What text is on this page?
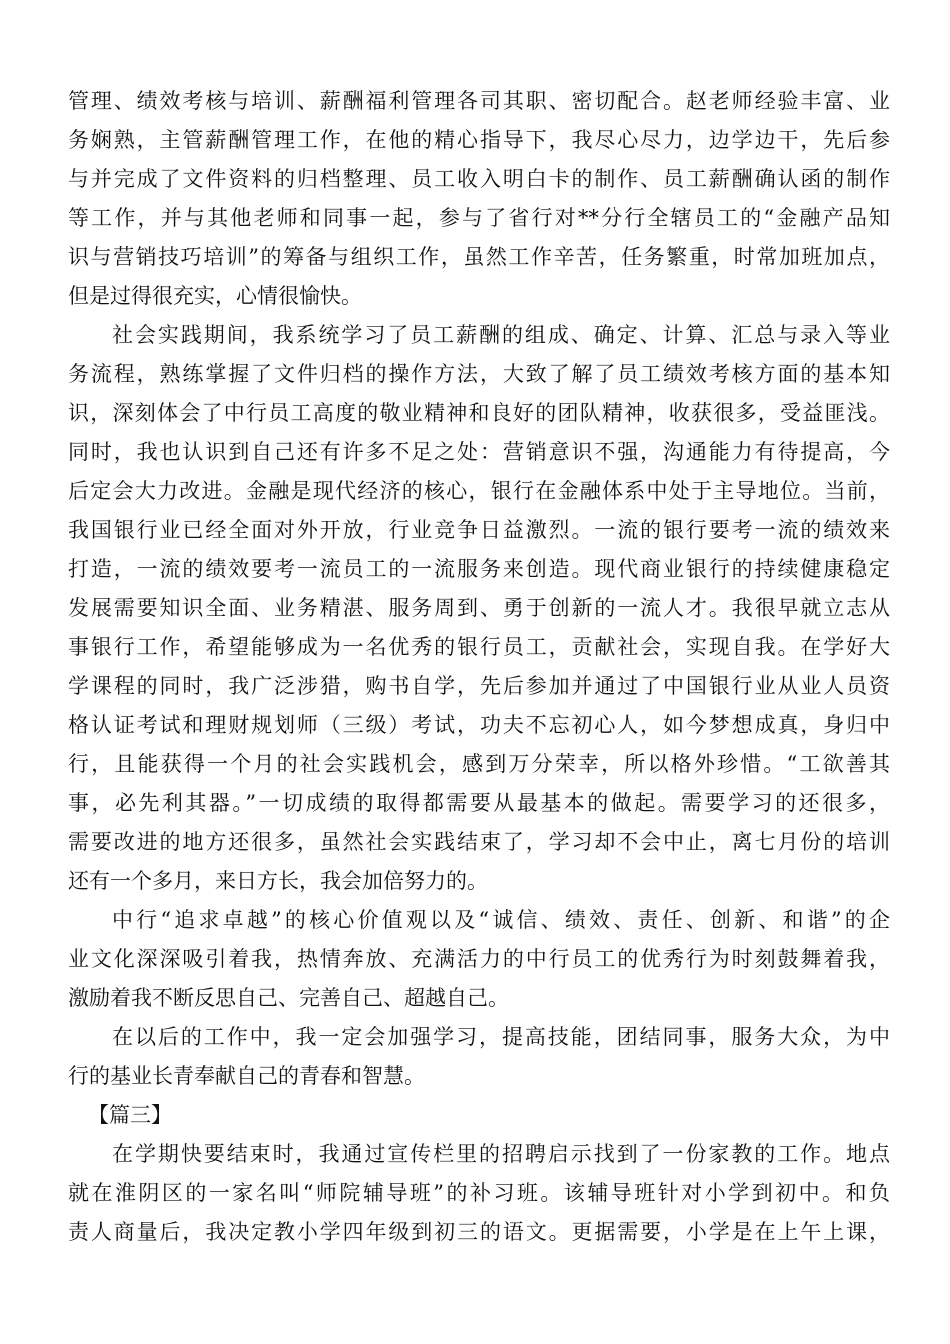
管理、绩效考核与培训、薪酬福利管理各司其职、密切配合。赵老师经验丰富、业
务娴熟，主管薪酬管理工作，在他的精心指导下，我尽心尽力，边学边干，先后参
与并完成了文件资料的归档整理、员工收入明白卡的制作、员工薪酬确认函的制作
等工作，并与其他老师和同事一起，参与了省行对**分行全辖员工的“金融产品知
识与营销技巧培训”的筹备与组织工作，虽然工作辛苦，任务繁重，时常加班加点，
但是过得很充实，心情很愉快。
社会实践期间，我系统学习了员工薪酬的组成、确定、计算、汇总与录入等业
务流程，熟练掌握了文件归档的操作方法，大致了解了员工绩效考核方面的基本知
识，深刻体会了中行员工高度的敬业精神和良好的团队精神，收获很多，受益匪浅。
同时，我也认识到自己还有许多不足之处：营销意识不强，沟通能力有待提高，今
后定会大力改进。金融是现代经济的核心，银行在金融体系中处于主导地位。当前，
我国银行业已经全面对外开放，行业竞争日益激烈。一流的银行要考一流的绩效来
打造，一流的绩效要考一流员工的一流服务来创造。现代商业银行的持续健康稳定
发展需要知识全面、业务精湛、服务周到、勇于创新的一流人才。我很早就立志从
事银行工作，希望能够成为一名优秀的银行员工，贡献社会，实现自我。在学好大
学课程的同时，我广泛涉猎，购书自学，先后参加并通过了中国银行业从业人员资
格认证考试和理财规划师（三级）考试，功夫不忘初心人，如今梦想成真，身归中
行，且能获得一个月的社会实践机会，感到万分荣幸，所以格外珍惜。“工欲善其
事，必先利其器。”一切成绩的取得都需要从最基本的做起。需要学习的还很多，
需要改进的地方还很多，虽然社会实践结束了，学习却不会中止，离七月份的培训
还有一个多月，来日方长，我会加倍努力的。
中行“追求卓越”的核心价值观以及“诚信、绩效、责任、创新、和谐”的企
业文化深深吸引着我，热情奔放、充满活力的中行员工的优秀行为时刻鼓舞着我，
激励着我不断反思自己、完善自己、超越自己。
在以后的工作中，我一定会加强学习，提高技能，团结同事，服务大众，为中
行的基业长青奉献自己的青春和智慧。
【篇三】
在学期快要结束时，我通过宣传栏里的招聘启示找到了一份家教的工作。地点
就在淮阴区的一家名叫“师院辅导班”的补习班。该辅导班针对小学到初中。和负
责人商量后，我决定教小学四年级到初三的语文。更据需要，小学是在上午上课，
